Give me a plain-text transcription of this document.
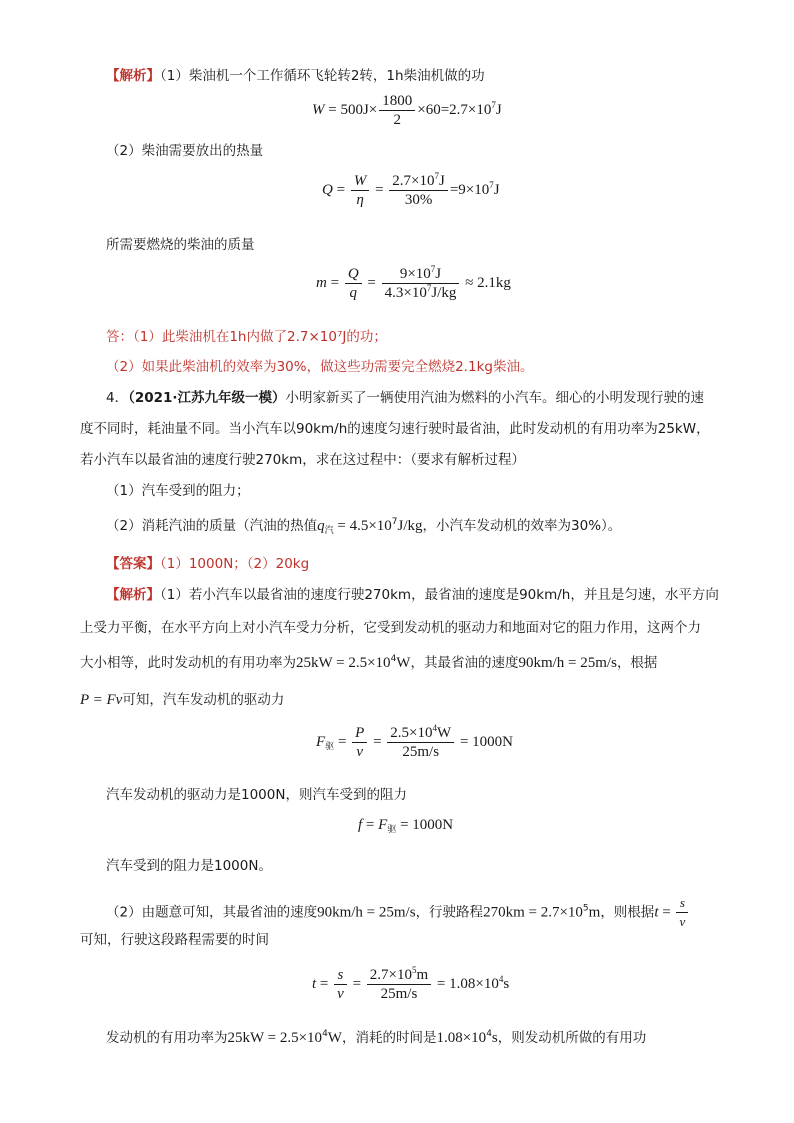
【解析】（1）柴油机一个工作循环飞轮转2转，1h柴油机做的功
$W = 500J\times \frac{1800}{2} \times 60=2.7\times 10^7J$
（2）柴油需要放出的热量
$Q = \frac{W}{\eta} = \frac{2.7\times 10^7J}{30\%} =9\times 10^7J$
所需要燃烧的柴油的质量
$m = \frac{Q}{q} = \frac{9\times 10^7J}{4.3\times 10^7J/kg} \approx 2.1kg$
答：（1）此柴油机在1h内做了2.7×10⁷J的功；
（2）如果此柴油机的效率为30%，做这些功需要完全燃烧2.1kg柴油。
4．（2021·江苏九年级一模）小明家新买了一辆使用汽油为燃料的小汽车。细心的小明发现行驶的速
度不同时，耗油量不同。当小汽车以90km/h的速度匀速行驶时最省油，此时发动机的有用功率为25kW，
若小汽车以最省油的速度行驶270km，求在这过程中：（要求有解析过程）
（1）汽车受到的阻力；
（2）消耗汽油的质量（汽油的热值$q_汽 = 4.5\times 10^7J/kg$，小汽车发动机的效率为30%）。
【答案】（1）1000N；（2）20kg
【解析】（1）若小汽车以最省油的速度行驶270km，最省油的速度是90km/h，并且是匀速，水平方向
上受力平衡，在水平方向上对小汽车受力分析，它受到发动机的驱动力和地面对它的阻力作用，这两个力
大小相等，此时发动机的有用功率为$25kW = 2.5\times 10^4W$，其最省油的速度90km/h = 25m/s，根据
P = Fv可知，汽车发动机的驱动力
$F_驱 = \frac{P}{v} = \frac{2.5\times 10^4W}{25m/s} = 1000N$
汽车发动机的驱动力是1000N，则汽车受到的阻力
$f = F_驱 = 1000N$
汽车受到的阻力是1000N。
（2）由题意可知，其最省油的速度90km/h = 25m/s，行驶路程$270km = 2.7\times 10^5m$，则根据$t = \frac{s}{v}$
可知，行驶这段路程需要的时间
$t = \frac{s}{v} = \frac{2.7\times 10^5m}{25m/s} = 1.08\times 10^4s$
发动机的有用功率为$25kW = 2.5\times 10^4W$，消耗的时间是$1.08\times 10^4s$，则发动机所做的有用功
